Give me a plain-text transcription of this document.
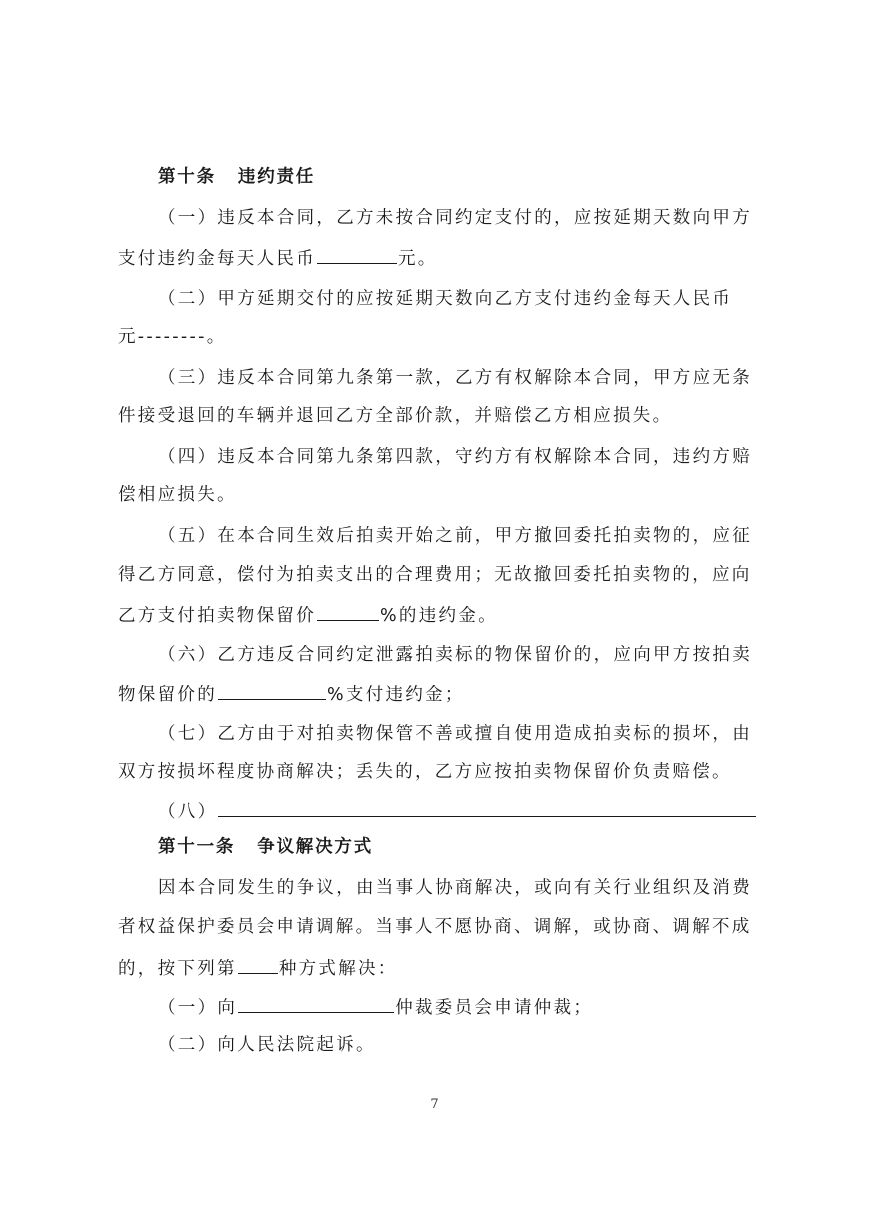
第十条 违约责任
（一）违反本合同，乙方未按合同约定支付的，应按延期天数向甲方
支付违约金每天人民币	元。
（二）甲方延期交付的应按延期天数向乙方支付违约金每天人民币
元--------。
（三）违反本合同第九条第一款，乙方有权解除本合同，甲方应无条
件接受退回的车辆并退回乙方全部价款，并赔偿乙方相应损失。
（四）违反本合同第九条第四款，守约方有权解除本合同，违约方赔
偿相应损失。
（五）在本合同生效后拍卖开始之前，甲方撤回委托拍卖物的，应征
得乙方同意，偿付为拍卖支出的合理费用；无故撤回委托拍卖物的，应向
乙方支付拍卖物保留价	%的违约金。
（六）乙方违反合同约定泄露拍卖标的物保留价的，应向甲方按拍卖
物保留价的	%支付违约金；
（七）乙方由于对拍卖物保管不善或擅自使用造成拍卖标的损坏，由
双方按损坏程度协商解决；丢失的，乙方应按拍卖物保留价负责赔偿。
（八）
第十一条 争议解决方式
因本合同发生的争议，由当事人协商解决，或向有关行业组织及消费
者权益保护委员会申请调解。当事人不愿协商、调解，或协商、调解不成
的，按下列第 种方式解决：
（一）向	仲裁委员会申请仲裁；
（二）向人民法院起诉。
7
